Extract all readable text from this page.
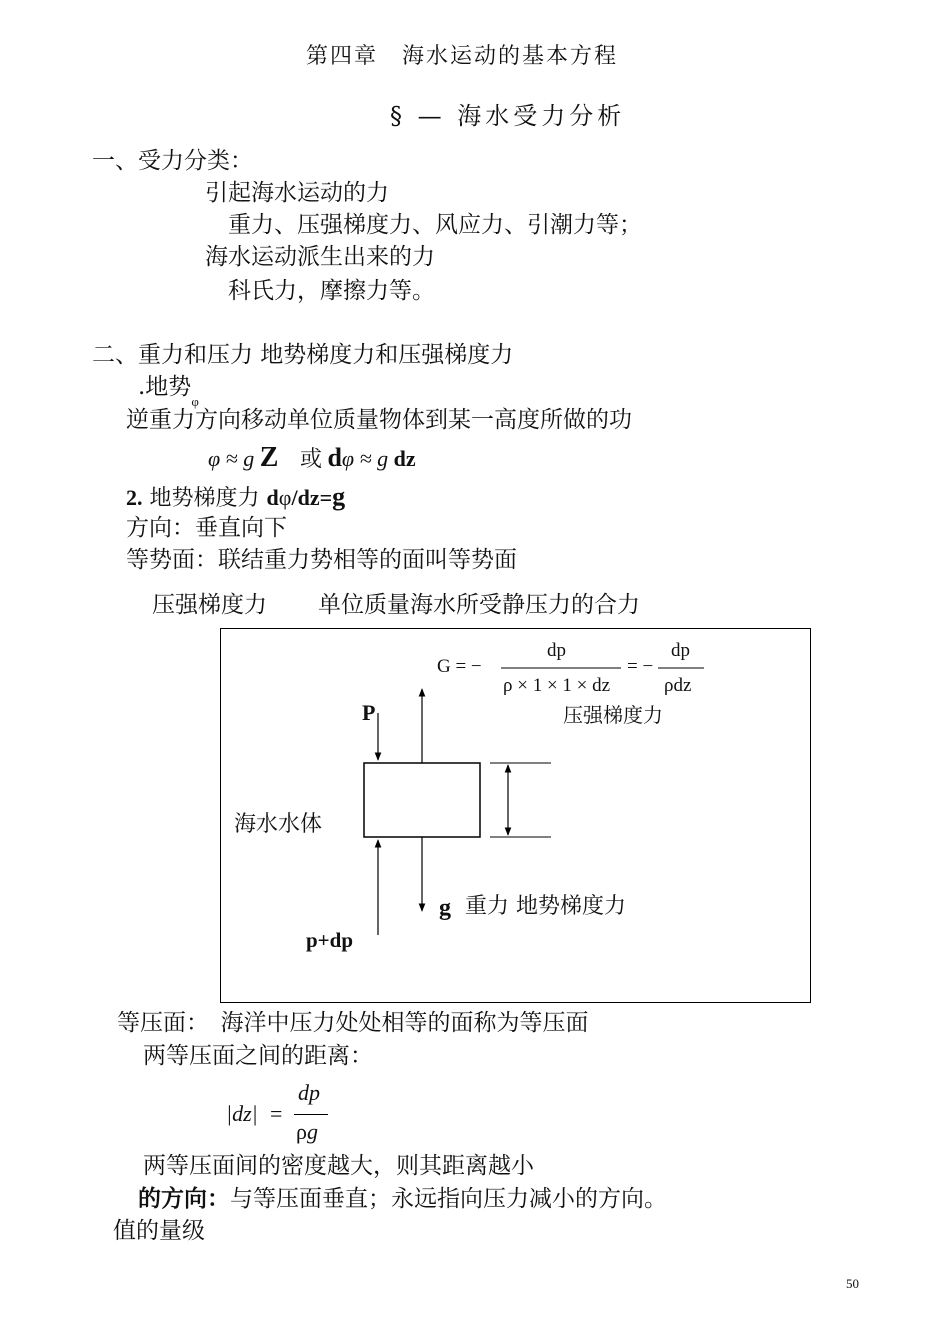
第四章　海水运动的基本方程
§ — 海水受力分析
一、受力分类：
引起海水运动的力
重力、压强梯度力、风应力、引潮力等；
海水运动派生出来的力
科氏力，摩擦力等。
二、重力和压力 地势梯度力和压强梯度力
.地势$_\varphi$
逆重力方向移动单位质量物体到某一高度所做的功
φ ≈ g Z 或 dφ ≈ g dz
2. 地势梯度力 dφ/dz=g
方向：垂直向下
等势面：联结重力势相等的面叫等势面
压强梯度力 单位质量海水所受静压力的合力
G = −
dp
ρ × 1 × 1 × dz
= −
dp
ρdz
压强梯度力
P
海水水体
g 重力 地势梯度力
p+dp
等压面：　海洋中压力处处相等的面称为等压面
两等压面之间的距离：
|dz| =
dp
ρg
两等压面间的密度越大，则其距离越小
的方向：与等压面垂直；永远指向压力减小的方向。
值的量级
50
